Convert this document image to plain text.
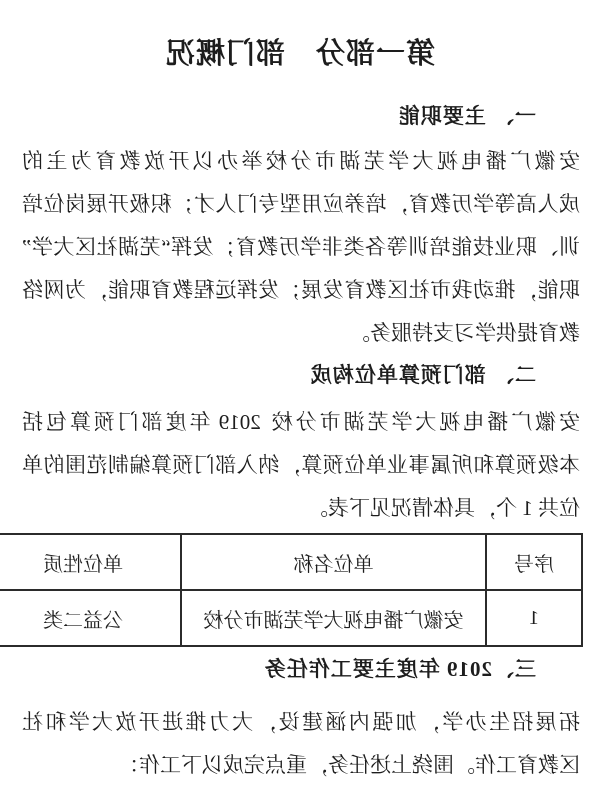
第一部分　部门概况
一、 主要职能
安徽广播电视大学芜湖市分校举办以开放教育为主的
成人高等学历教育，培养应用型专门人才；积极开展岗位培
训、职业技能培训等各类非学历教育；发挥“芜湖社区大学”
职能，推动我市社区教育发展；发挥远程教育职能，为网络
教育提供学习支持服务。
二、 部门预算单位构成
安徽广播电视大学芜湖市分校 2019 年度部门预算包括
本级预算和所属事业单位预算，纳入部门预算编制范围的单
位共 1 个，具体情况见下表。
序号	单位名称	单位性质
1	安徽广播电视大学芜湖市分校	公益二类
三、2019 年度主要工作任务
拓展招生办学，加强内涵建设，大力推进开放大学和社
区教育工作。围绕上述任务，重点完成以下工作：
